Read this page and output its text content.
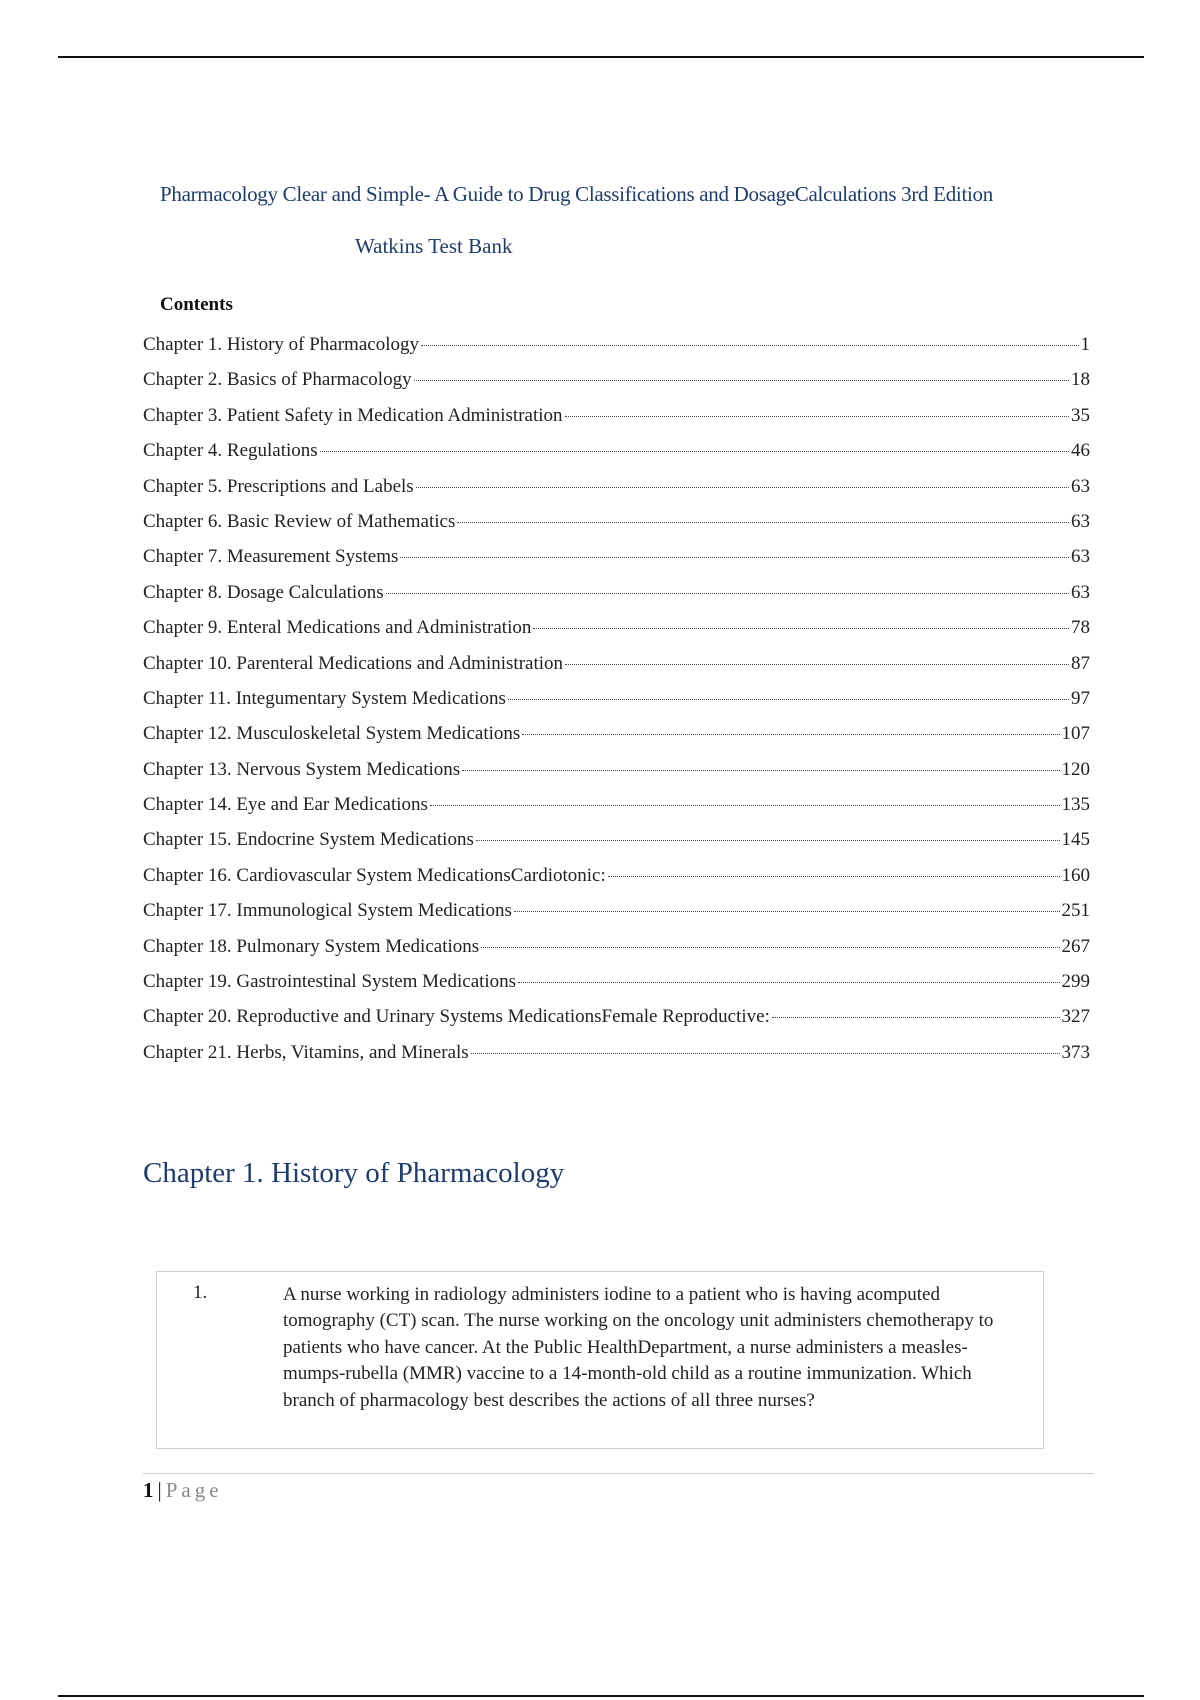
Pharmacology Clear and Simple- A Guide to Drug Classifications and DosageCalculations 3rd Edition
Watkins Test Bank
Contents
Chapter 1. History of Pharmacology	1
Chapter 2. Basics of Pharmacology	18
Chapter 3. Patient Safety in Medication Administration	35
Chapter 4. Regulations	46
Chapter 5. Prescriptions and Labels	63
Chapter 6. Basic Review of Mathematics	63
Chapter 7. Measurement Systems	63
Chapter 8. Dosage Calculations	63
Chapter 9. Enteral Medications and Administration	78
Chapter 10. Parenteral Medications and Administration	87
Chapter 11. Integumentary System Medications	97
Chapter 12. Musculoskeletal System Medications	107
Chapter 13. Nervous System Medications	120
Chapter 14. Eye and Ear Medications	135
Chapter 15. Endocrine System Medications	145
Chapter 16. Cardiovascular System MedicationsCardiotonic:	160
Chapter 17. Immunological System Medications	251
Chapter 18. Pulmonary System Medications	267
Chapter 19. Gastrointestinal System Medications	299
Chapter 20. Reproductive and Urinary Systems MedicationsFemale Reproductive:	327
Chapter 21. Herbs, Vitamins, and Minerals	373
Chapter 1. History of Pharmacology
1.	A nurse working in radiology administers iodine to a patient who is having acomputed tomography (CT) scan. The nurse working on the oncology unit administers chemotherapy to patients who have cancer. At the Public HealthDepartment, a nurse administers a measles-mumps-rubella (MMR) vaccine to a 14-month-old child as a routine immunization. Which branch of pharmacology best describes the actions of all three nurses?
1 | Page
